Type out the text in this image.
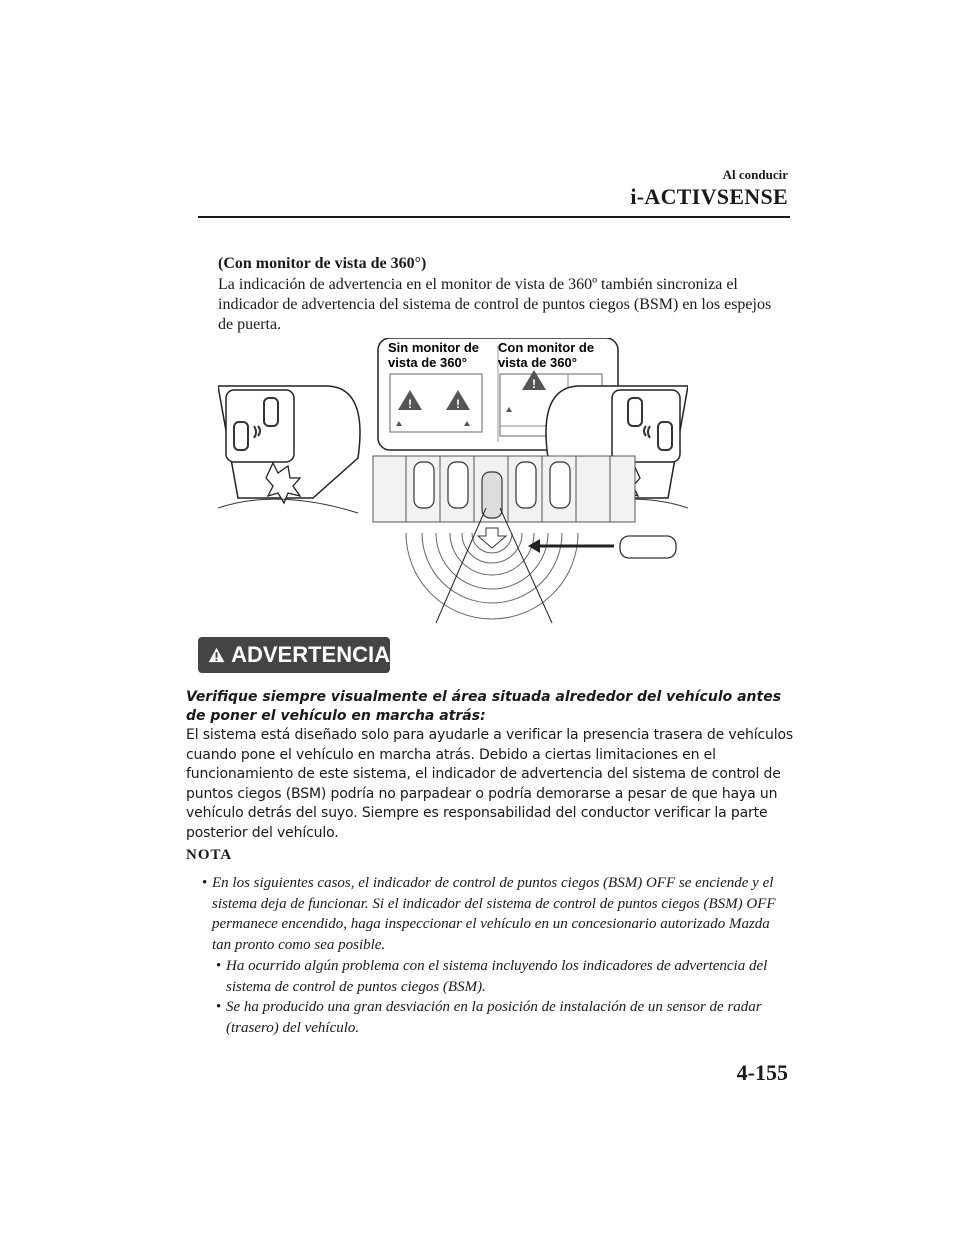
Al conducir
i-ACTIVSENSE
(Con monitor de vista de 360°)
La indicación de advertencia en el monitor de vista de 360º también sincroniza el indicador de advertencia del sistema de control de puntos ciegos (BSM) en los espejos de puerta.
Sin monitor de
vista de 360°
Con monitor de
vista de 360°
!	!
!
ADVERTENCIA
Verifique siempre visualmente el área situada alrededor del vehículo antes de poner el vehículo en marcha atrás:
El sistema está diseñado solo para ayudarle a verificar la presencia trasera de vehículos cuando pone el vehículo en marcha atrás. Debido a ciertas limitaciones en el funcionamiento de este sistema, el indicador de advertencia del sistema de control de puntos ciegos (BSM) podría no parpadear o podría demorarse a pesar de que haya un vehículo detrás del suyo. Siempre es responsabilidad del conductor verificar la parte posterior del vehículo.
NOTA
• En los siguientes casos, el indicador de control de puntos ciegos (BSM) OFF se enciende y el sistema deja de funcionar. Si el indicador del sistema de control de puntos ciegos (BSM) OFF permanece encendido, haga inspeccionar el vehículo en un concesionario autorizado Mazda tan pronto como sea posible.
• Ha ocurrido algún problema con el sistema incluyendo los indicadores de advertencia del sistema de control de puntos ciegos (BSM).
• Se ha producido una gran desviación en la posición de instalación de un sensor de radar (trasero) del vehículo.
4-155
